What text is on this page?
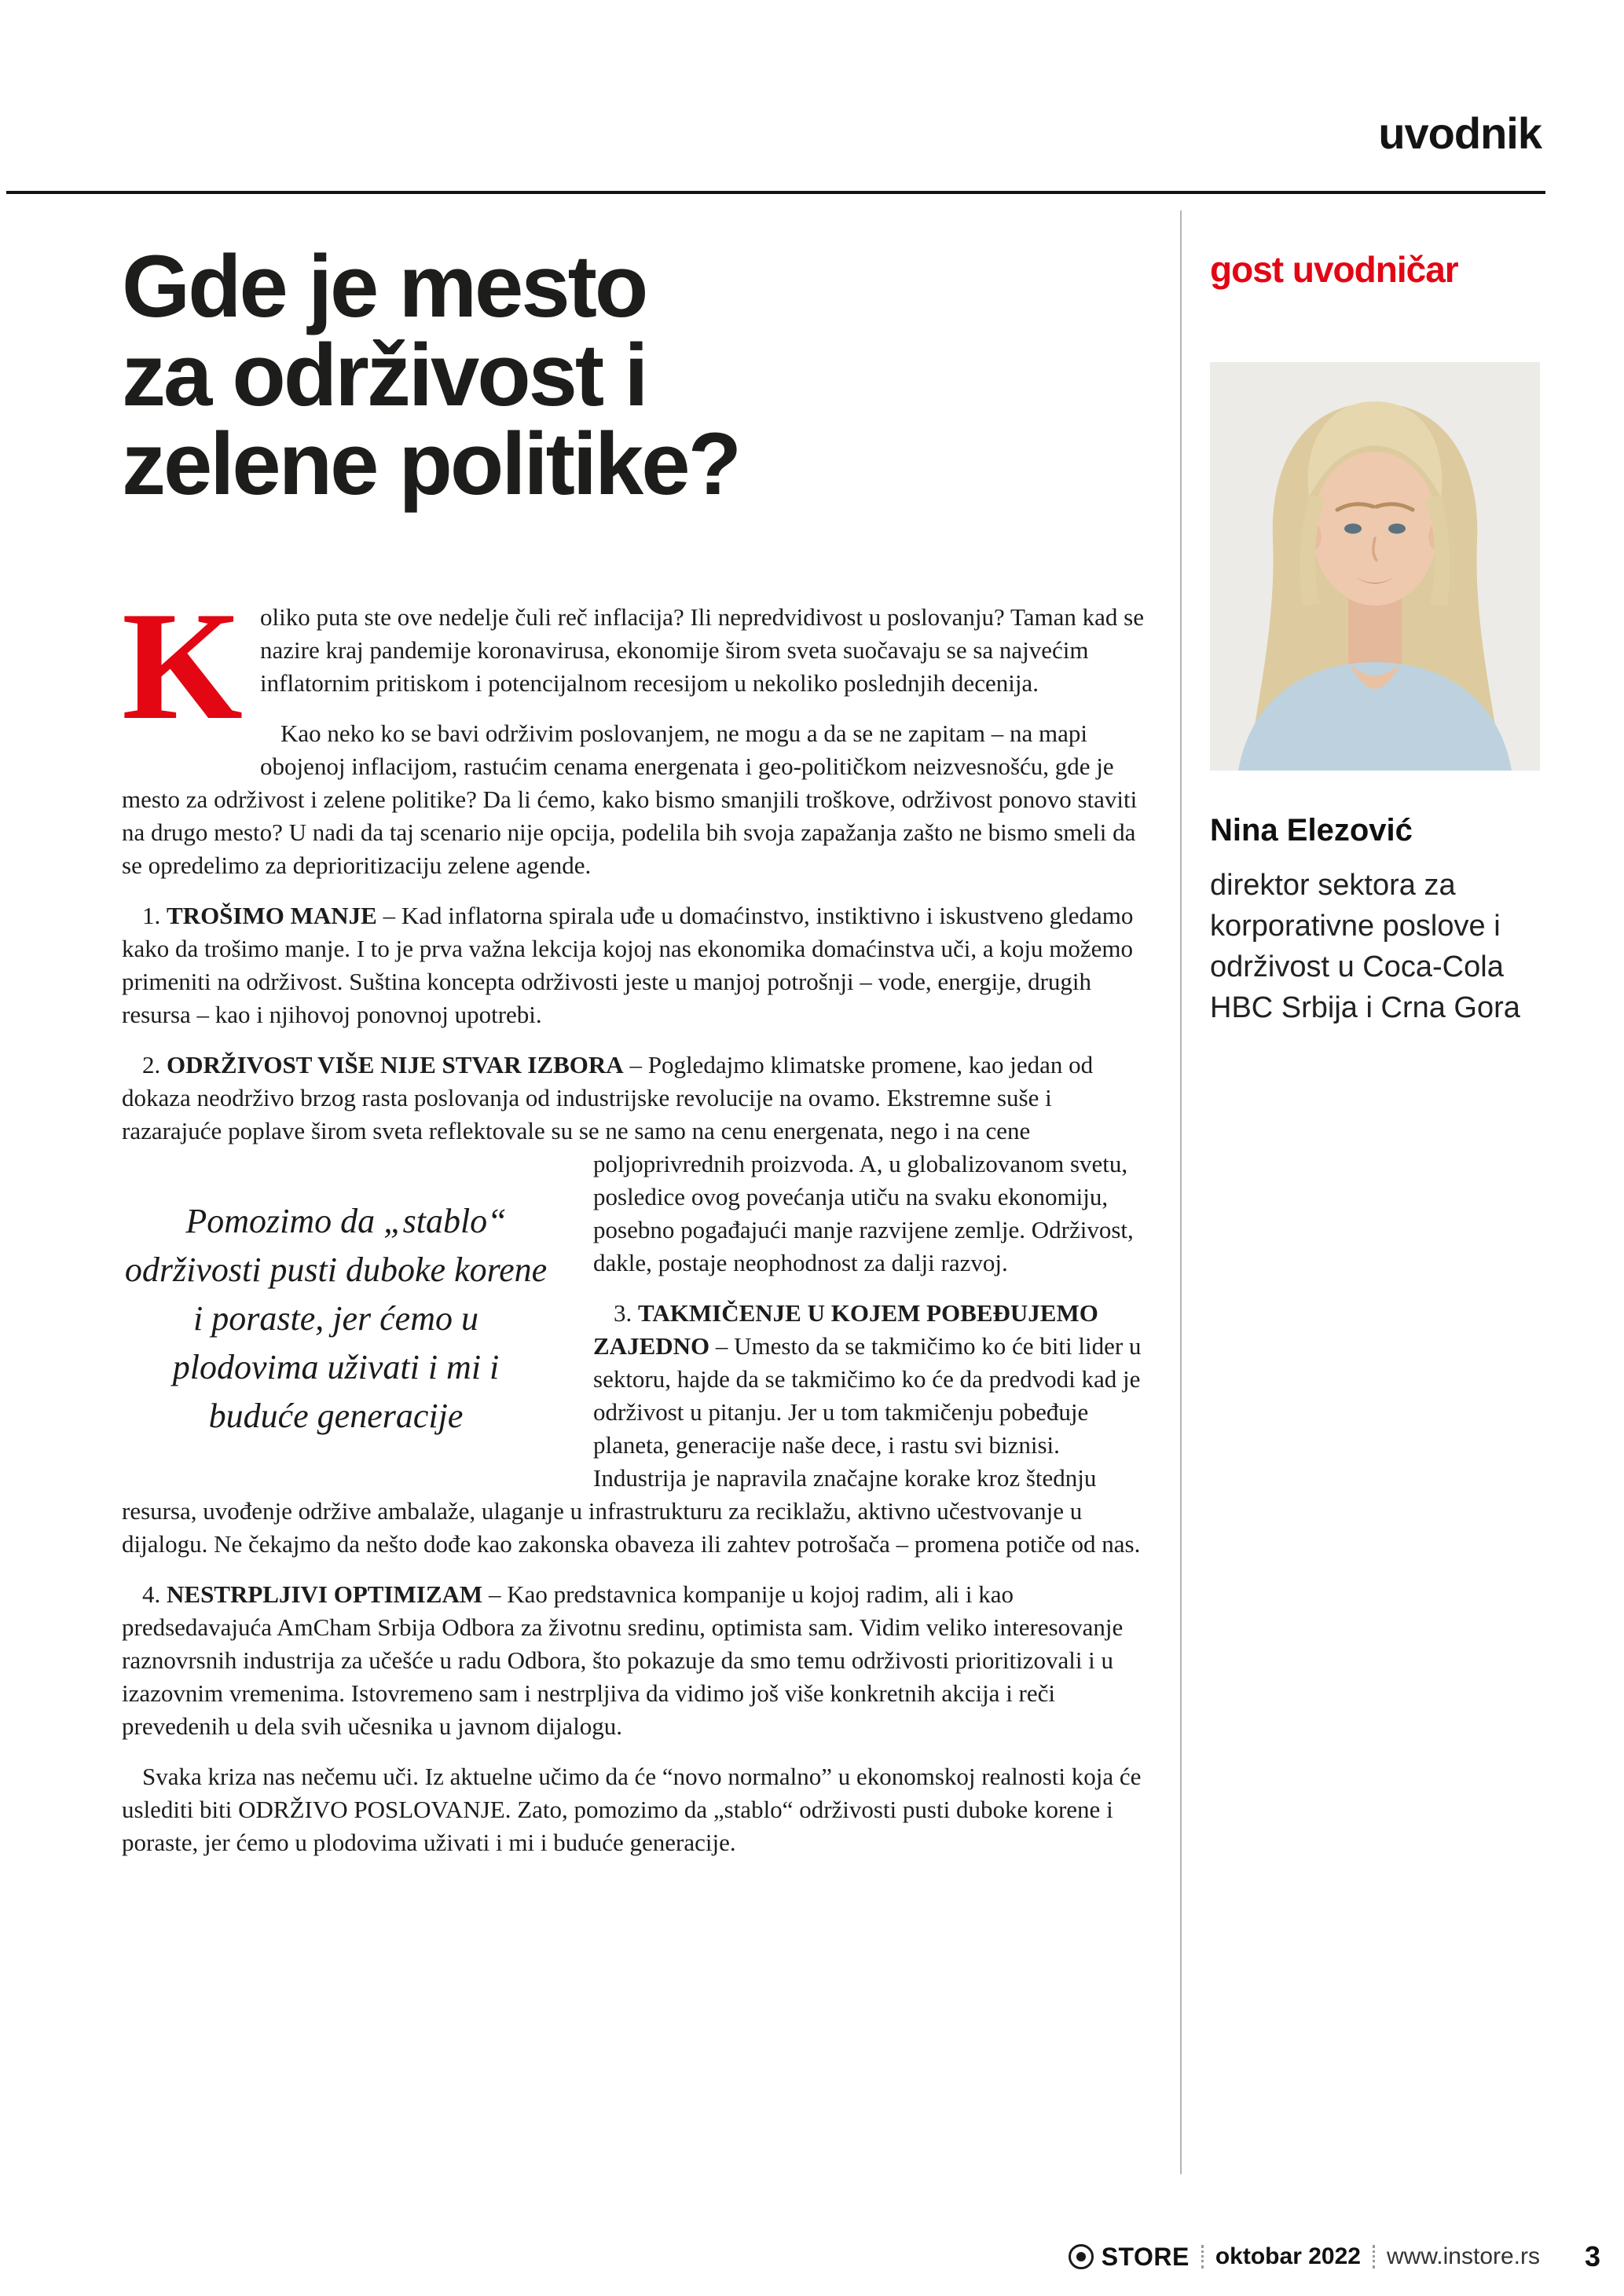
uvodnik
Gde je mesto
za održivost i
zelene politike?

K oliko puta ste ove nedelje čuli reč inflacija? Ili nepredvidivost u poslovanju? Taman kad se nazire kraj pandemije koronavirusa, ekonomije širom sveta suočavaju se sa najvećim inflatornim pritiskom i potencijalnom recesijom u nekoliko poslednjih decenija.

Kao neko ko se bavi održivim poslovanjem, ne mogu a da se ne zapitam – na mapi obojenoj inflacijom, rastućim cenama energenata i geo-političkom neizvesnošću, gde je mesto za održivost i zelene politike? Da li ćemo, kako bismo smanjili troškove, održivost ponovo staviti na drugo mesto? U nadi da taj scenario nije opcija, podelila bih svoja zapažanja zašto ne bismo smeli da se opredelimo za deprioritizaciju zelene agende.

1. TROŠIMO MANJE – Kad inflatorna spirala uđe u domaćinstvo, instiktivno i iskustveno gledamo kako da trošimo manje. I to je prva važna lekcija kojoj nas ekonomika domaćinstva uči, a koju možemo primeniti na održivost. Suština koncepta održivosti jeste u manjoj potrošnji – vode, energije, drugih resursa – kao i njihovoj ponovnoj upotrebi.

2. ODRŽIVOST VIŠE NIJE STVAR IZBORA – Pogledajmo klimatske promene, kao jedan od dokaza neodrživo brzog rasta poslovanja od industrijske revolucije na ovamo. Ekstremne suše i razarajuće poplave širom sveta reflektovale su se ne samo na cenu energenata, nego i na cene poljoprivrednih proizvoda. A, u globalizovanom svetu,
Pomozimo da „stablo“ održivosti pusti duboke korene i poraste, jer ćemo u plodovima uživati i mi i buduće generacije
posledice ovog povećanja utiču na svaku ekonomiju, posebno pogađajući manje razvijene zemlje. Održivost, dakle, postaje neophodnost za dalji razvoj.

3. TAKMIČENJE U KOJEM POBEĐUJEMO ZAJEDNO – Umesto da se takmičimo ko će biti lider u sektoru, hajde da se takmičimo ko će da predvodi kad je održivost u pitanju. Jer u tom takmičenju pobeđuje planeta, generacije naše dece, i rastu svi biznisi. Industrija je napravila značajne korake kroz štednju resursa, uvođenje održive ambalaže, ulaganje u infrastrukturu za reciklažu, aktivno učestvovanje u dijalogu. Ne čekajmo da nešto dođe kao zakonska obaveza ili zahtev potrošača – promena potiče od nas.

4. NESTRPLJIVI OPTIMIZAM – Kao predstavnica kompanije u kojoj radim, ali i kao predsedavajuća AmCham Srbija Odbora za životnu sredinu, optimista sam. Vidim veliko interesovanje raznovrsnih industrija za učešće u radu Odbora, što pokazuje da smo temu održivosti prioritizovali i u izazovnim vremenima. Istovremeno sam i nestrpljiva da vidimo još više konkretnih akcija i reči prevedenih u dela svih učesnika u javnom dijalogu.

Svaka kriza nas nečemu uči. Iz aktuelne učimo da će “novo normalno” u ekonomskoj realnosti koja će uslediti biti ODRŽIVO POSLOVANJE. Zato, pomozimo da „stablo“ održivosti pusti duboke korene i poraste, jer ćemo u plodovima uživati i mi i buduće generacije.

gost uvodničar
Nina Elezović
direktor sektora za korporativne poslove i održivost u Coca-Cola HBC Srbija i Crna Gora
STORE oktobar 2022 www.instore.rs 3
